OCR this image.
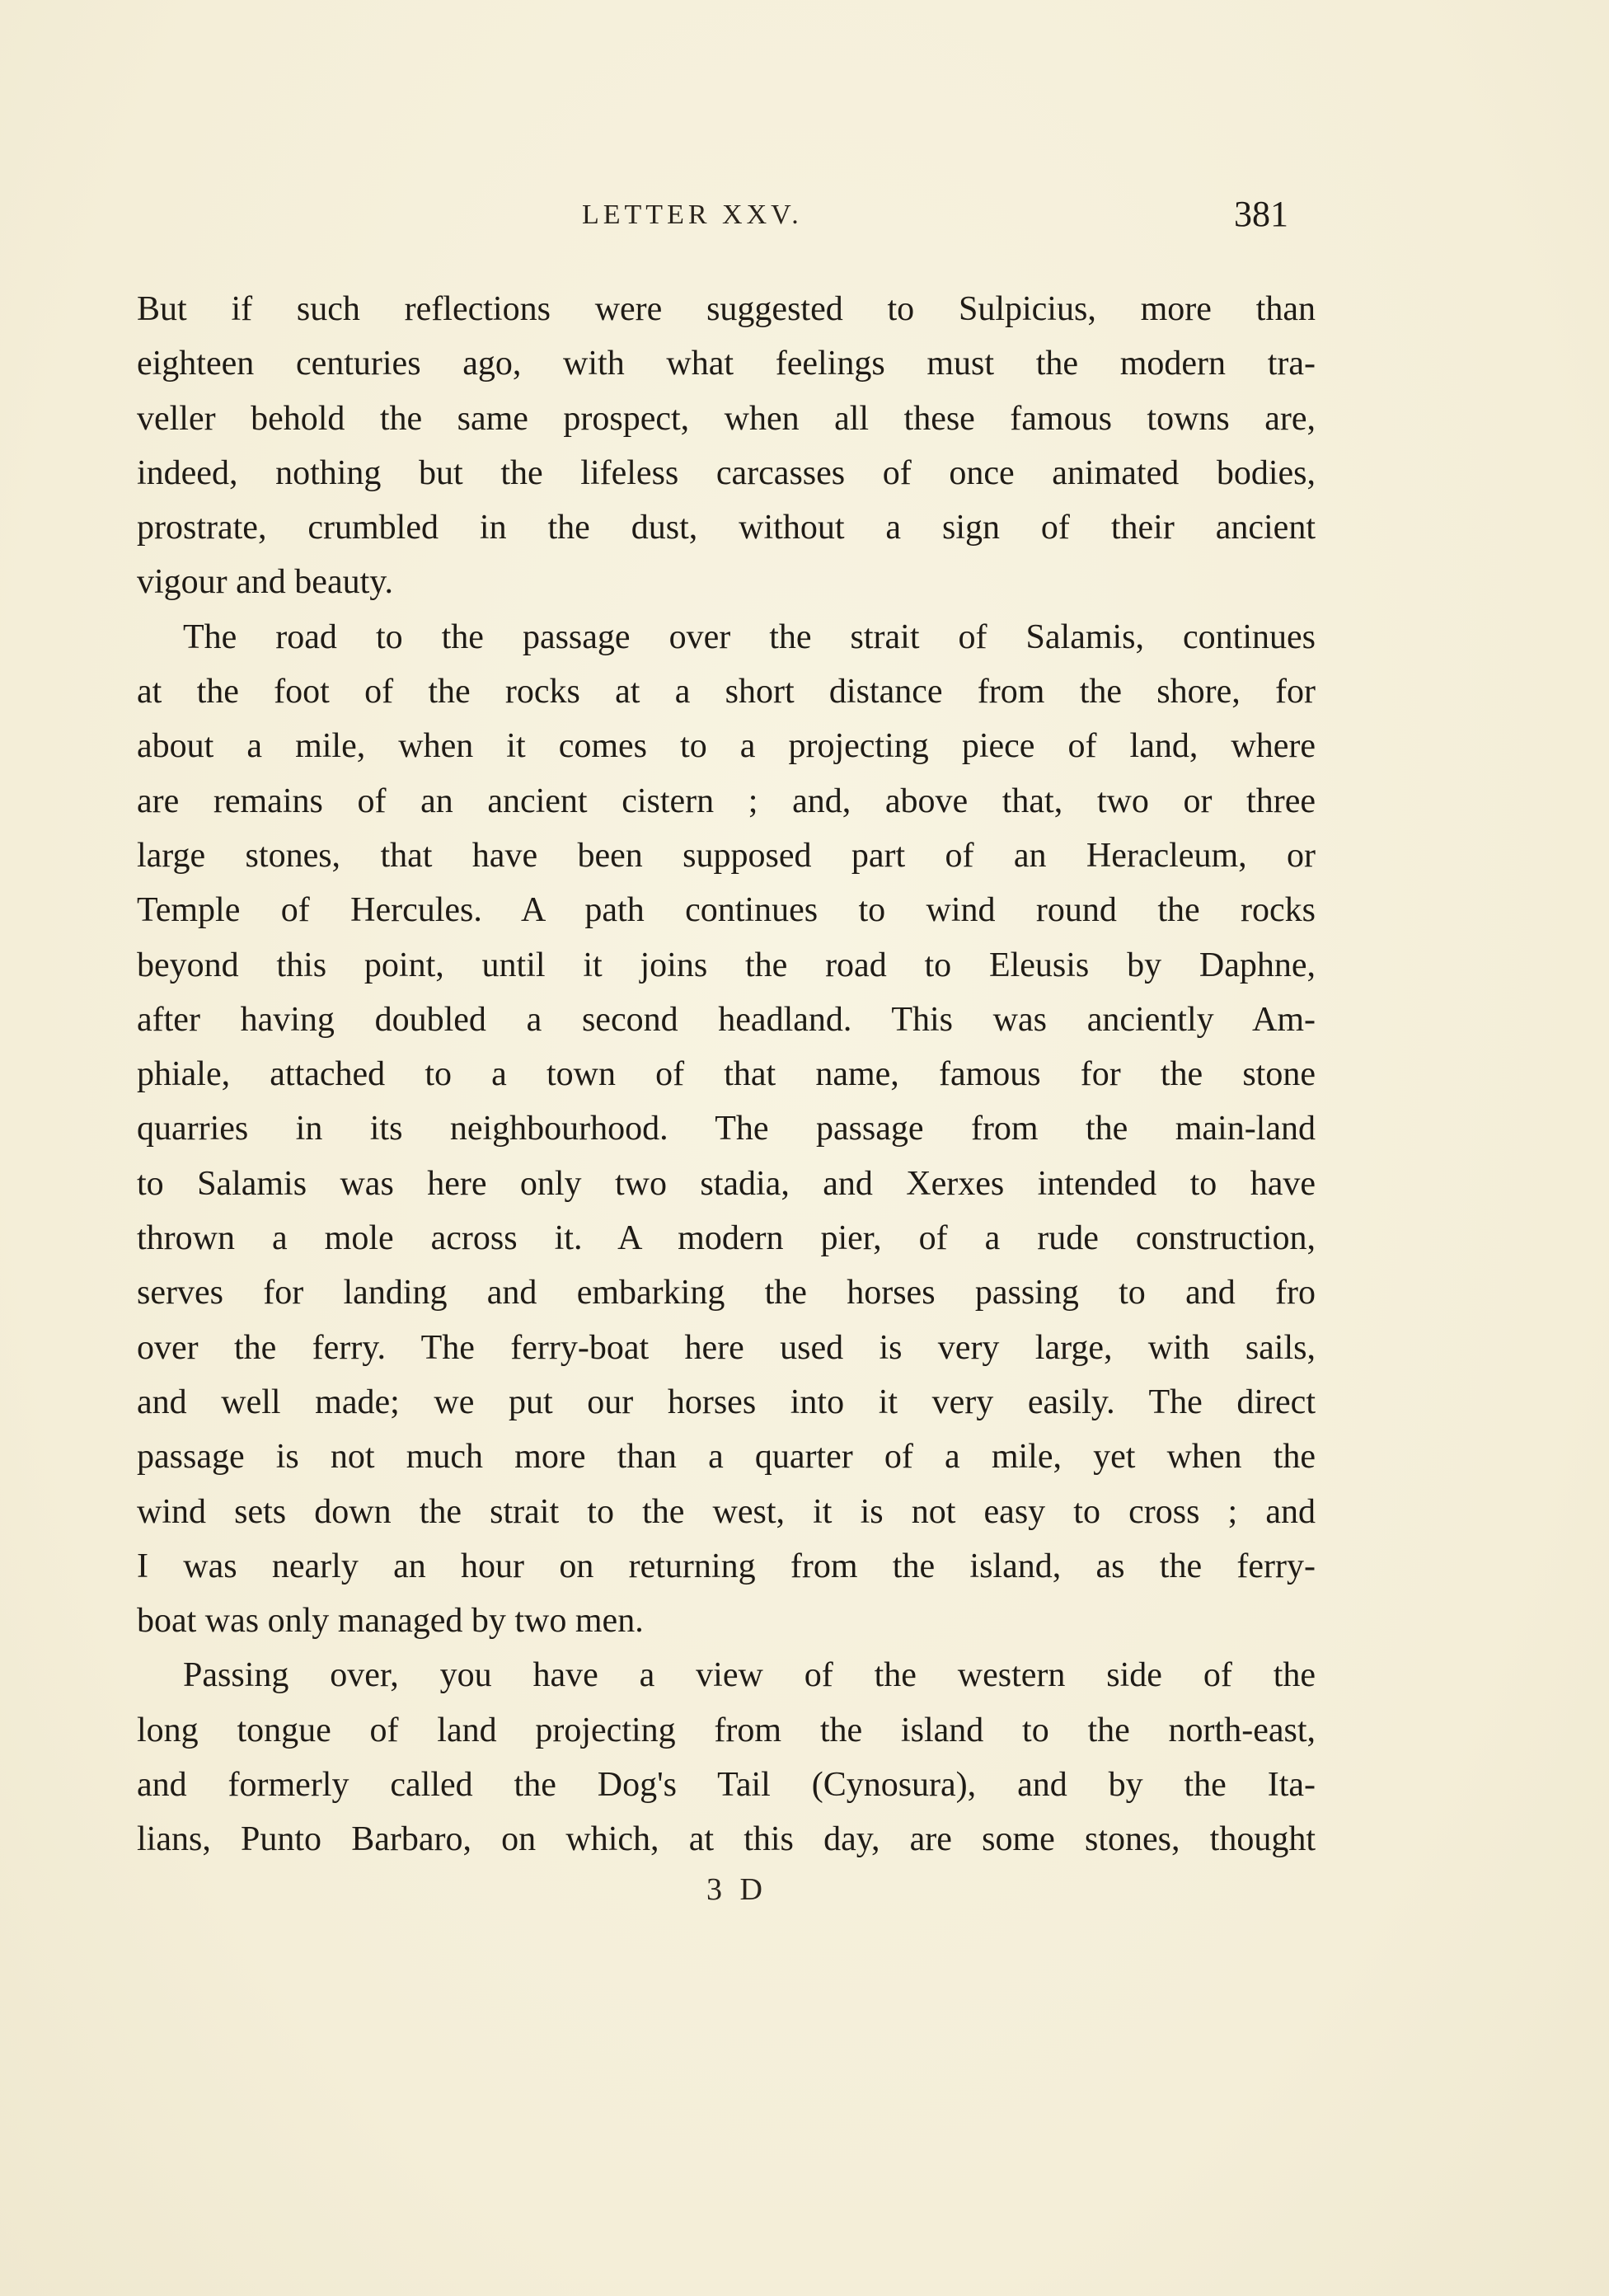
LETTER XXV.	381
But if such reflections were suggested to Sulpicius, more than
eighteen centuries ago, with what feelings must the modern tra-
veller behold the same prospect, when all these famous towns are,
indeed, nothing but the lifeless carcasses of once animated bodies,
prostrate, crumbled in the dust, without a sign of their ancient
vigour and beauty.
The road to the passage over the strait of Salamis, continues
at the foot of the rocks at a short distance from the shore, for
about a mile, when it comes to a projecting piece of land, where
are remains of an ancient cistern ; and, above that, two or three
large stones, that have been supposed part of an Heracleum, or
Temple of Hercules. A path continues to wind round the rocks
beyond this point, until it joins the road to Eleusis by Daphne,
after having doubled a second headland. This was anciently Am-
phiale, attached to a town of that name, famous for the stone
quarries in its neighbourhood. The passage from the main-land
to Salamis was here only two stadia, and Xerxes intended to have
thrown a mole across it. A modern pier, of a rude construction,
serves for landing and embarking the horses passing to and fro
over the ferry. The ferry-boat here used is very large, with sails,
and well made; we put our horses into it very easily. The direct
passage is not much more than a quarter of a mile, yet when the
wind sets down the strait to the west, it is not easy to cross ; and
I was nearly an hour on returning from the island, as the ferry-
boat was only managed by two men.
Passing over, you have a view of the western side of the
long tongue of land projecting from the island to the north-east,
and formerly called the Dog's Tail (Cynosura), and by the Ita-
lians, Punto Barbaro, on which, at this day, are some stones, thought
3 D
